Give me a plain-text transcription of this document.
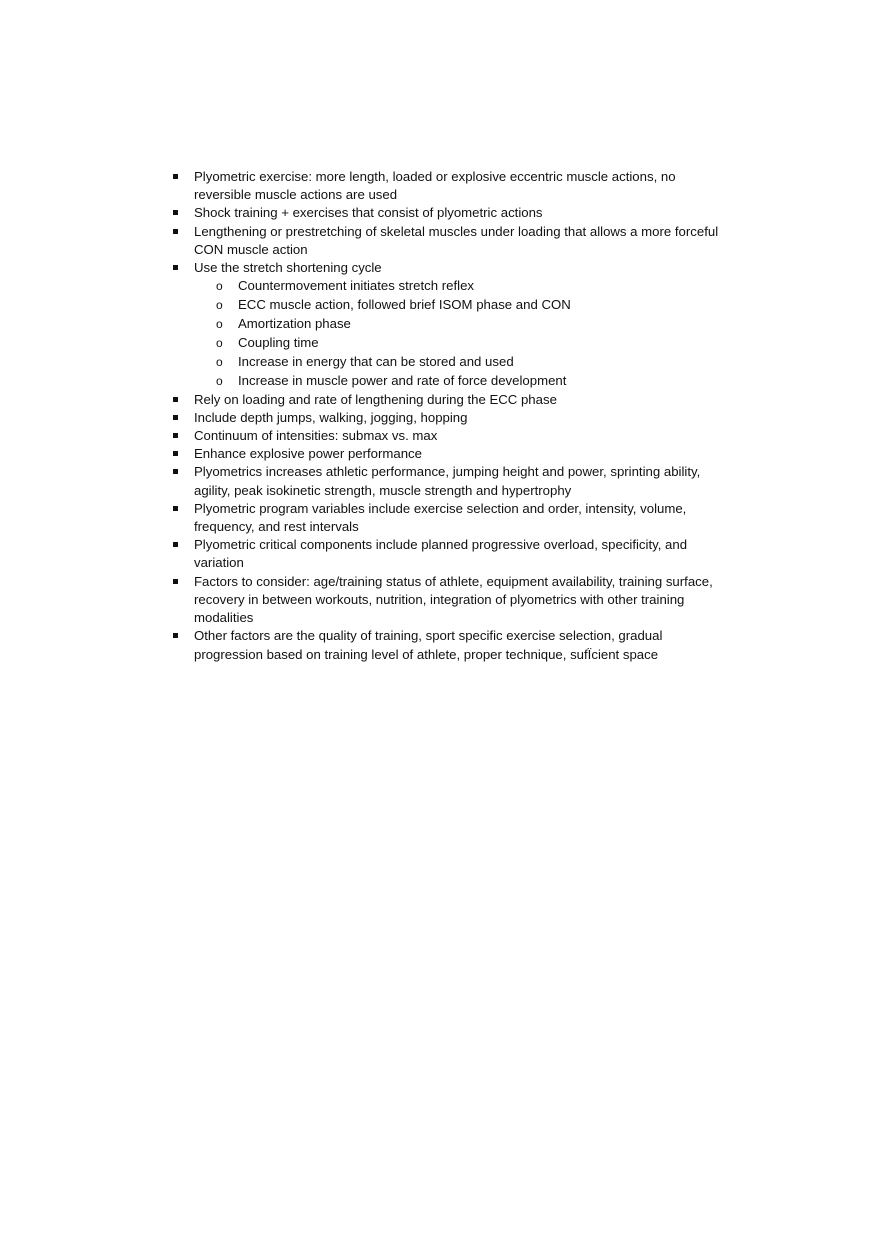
Plyometric exercise: more length, loaded or explosive eccentric muscle actions, no reversible muscle actions are used
Shock training + exercises that consist of plyometric actions
Lengthening or prestretching of skeletal muscles under loading that allows a more forceful CON muscle action
Use the stretch shortening cycle
o Countermovement initiates stretch reflex
o ECC muscle action, followed brief ISOM phase and CON
o Amortization phase
o Coupling time
o Increase in energy that can be stored and used
o Increase in muscle power and rate of force development
Rely on loading and rate of lengthening during the ECC phase
Include depth jumps, walking, jogging, hopping
Continuum of intensities: submax vs. max
Enhance explosive power performance
Plyometrics increases athletic performance, jumping height and power, sprinting ability, agility, peak isokinetic strength, muscle strength and hypertrophy
Plyometric program variables include exercise selection and order, intensity, volume, frequency, and rest intervals
Plyometric critical components include planned progressive overload, specificity, and variation
Factors to consider: age/training status of athlete, equipment availability, training surface, recovery in between workouts, nutrition, integration of plyometrics with other training modalities
Other factors are the quality of training, sport specific exercise selection, gradual progression based on training level of athlete, proper technique, sufÏcient space
